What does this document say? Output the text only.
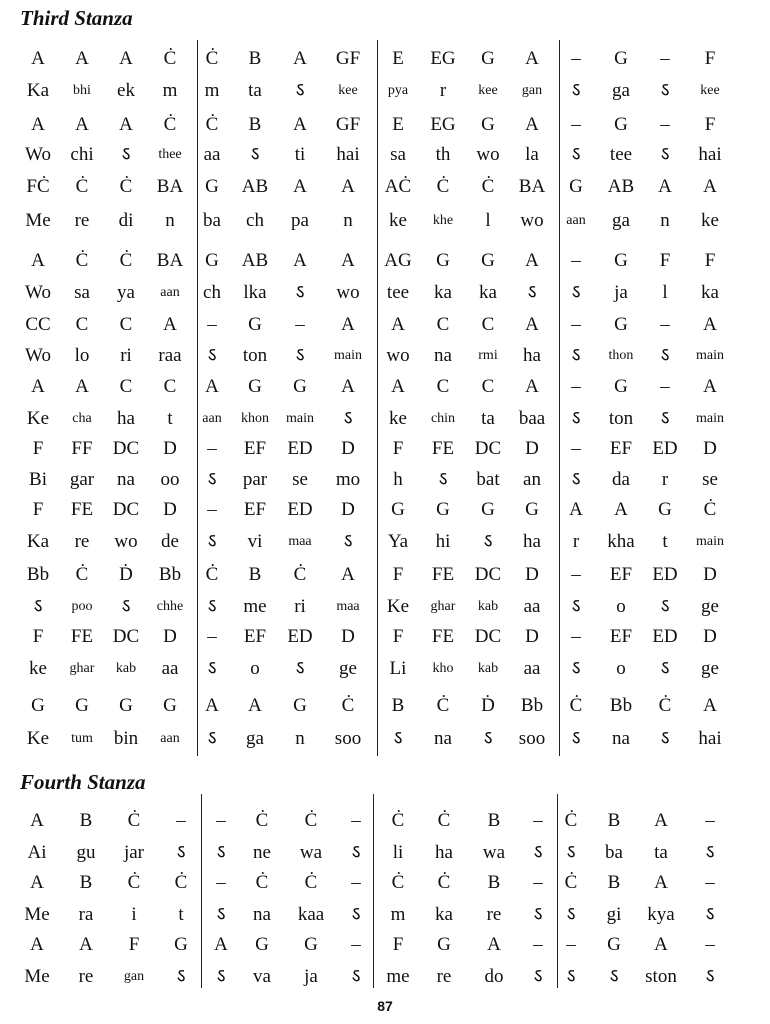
Third Stanza
A	A	A	Ċ	Ċ	B	A	GF	E	EG	G	A	–	G	–	F
Ka	bhi	ek	m	m	ta	ऽ	kee	pya	r	kee	gan	ऽ	ga	ऽ	kee
A	A	A	Ċ	Ċ	B	A	GF	E	EG	G	A	–	G	–	F
Wo	chi	ऽ	thee	aa	ऽ	ti	hai	sa	th	wo	la	ऽ	tee	ऽ	hai
FĊ	Ċ	Ċ	BA	G	AB	A	A	AĊ	Ċ	Ċ	BA	G	AB	A	A
Me	re	di	n	ba	ch	pa	n	ke	khe	l	wo	aan	ga	n	ke
A	Ċ	Ċ	BA	G	AB	A	A	AG	G	G	A	–	G	F	F
Wo	sa	ya	aan	ch	lka	ऽ	wo	tee	ka	ka	ऽ	ऽ	ja	l	ka
CC	C	C	A	–	G	–	A	A	C	C	A	–	G	–	A
Wo	lo	ri	raa	ऽ	ton	ऽ	main	wo	na	rmi	ha	ऽ	thon	ऽ	main
A	A	C	C	A	G	G	A	A	C	C	A	–	G	–	A
Ke	cha	ha	t	aan	khon	main	ऽ	ke	chin	ta	baa	ऽ	ton	ऽ	main
F	FF	DC	D	–	EF	ED	D	F	FE	DC	D	–	EF	ED	D
Bi	gar	na	oo	ऽ	par	se	mo	h	ऽ	bat	an	ऽ	da	r	se
F	FE	DC	D	–	EF	ED	D	G	G	G	G	A	A	G	Ċ
Ka	re	wo	de	ऽ	vi	maa	ऽ	Ya	hi	ऽ	ha	r	kha	t	main
Bb	Ċ	Ḋ	Bb	Ċ	B	Ċ	A	F	FE	DC	D	–	EF	ED	D
ऽ	poo	ऽ	chhe	ऽ	me	ri	maa	Ke	ghar	kab	aa	ऽ	o	ऽ	ge
F	FE	DC	D	–	EF	ED	D	F	FE	DC	D	–	EF	ED	D
ke	ghar	kab	aa	ऽ	o	ऽ	ge	Li	kho	kab	aa	ऽ	o	ऽ	ge
G	G	G	G	A	A	G	Ċ	B	Ċ	Ḋ	Bb	Ċ	Bb	Ċ	A
Ke	tum	bin	aan	ऽ	ga	n	soo	ऽ	na	ऽ	soo	ऽ	na	ऽ	hai
Fourth Stanza
A	B	Ċ	–	–	Ċ	Ċ	–	Ċ	Ċ	B	–	Ċ	B	A	–
Ai	gu	jar	ऽ	ऽ	ne	wa	ऽ	li	ha	wa	ऽ	ऽ	ba	ta	ऽ
A	B	Ċ	Ċ	–	Ċ	Ċ	–	Ċ	Ċ	B	–	Ċ	B	A	–
Me	ra	i	t	ऽ	na	kaa	ऽ	m	ka	re	ऽ	ऽ	gi	kya	ऽ
A	A	F	G	A	G	G	–	F	G	A	–	–	G	A	–
Me	re	gan	ऽ	ऽ	va	ja	ऽ	me	re	do	ऽ	ऽ	ऽ	ston	ऽ
87
